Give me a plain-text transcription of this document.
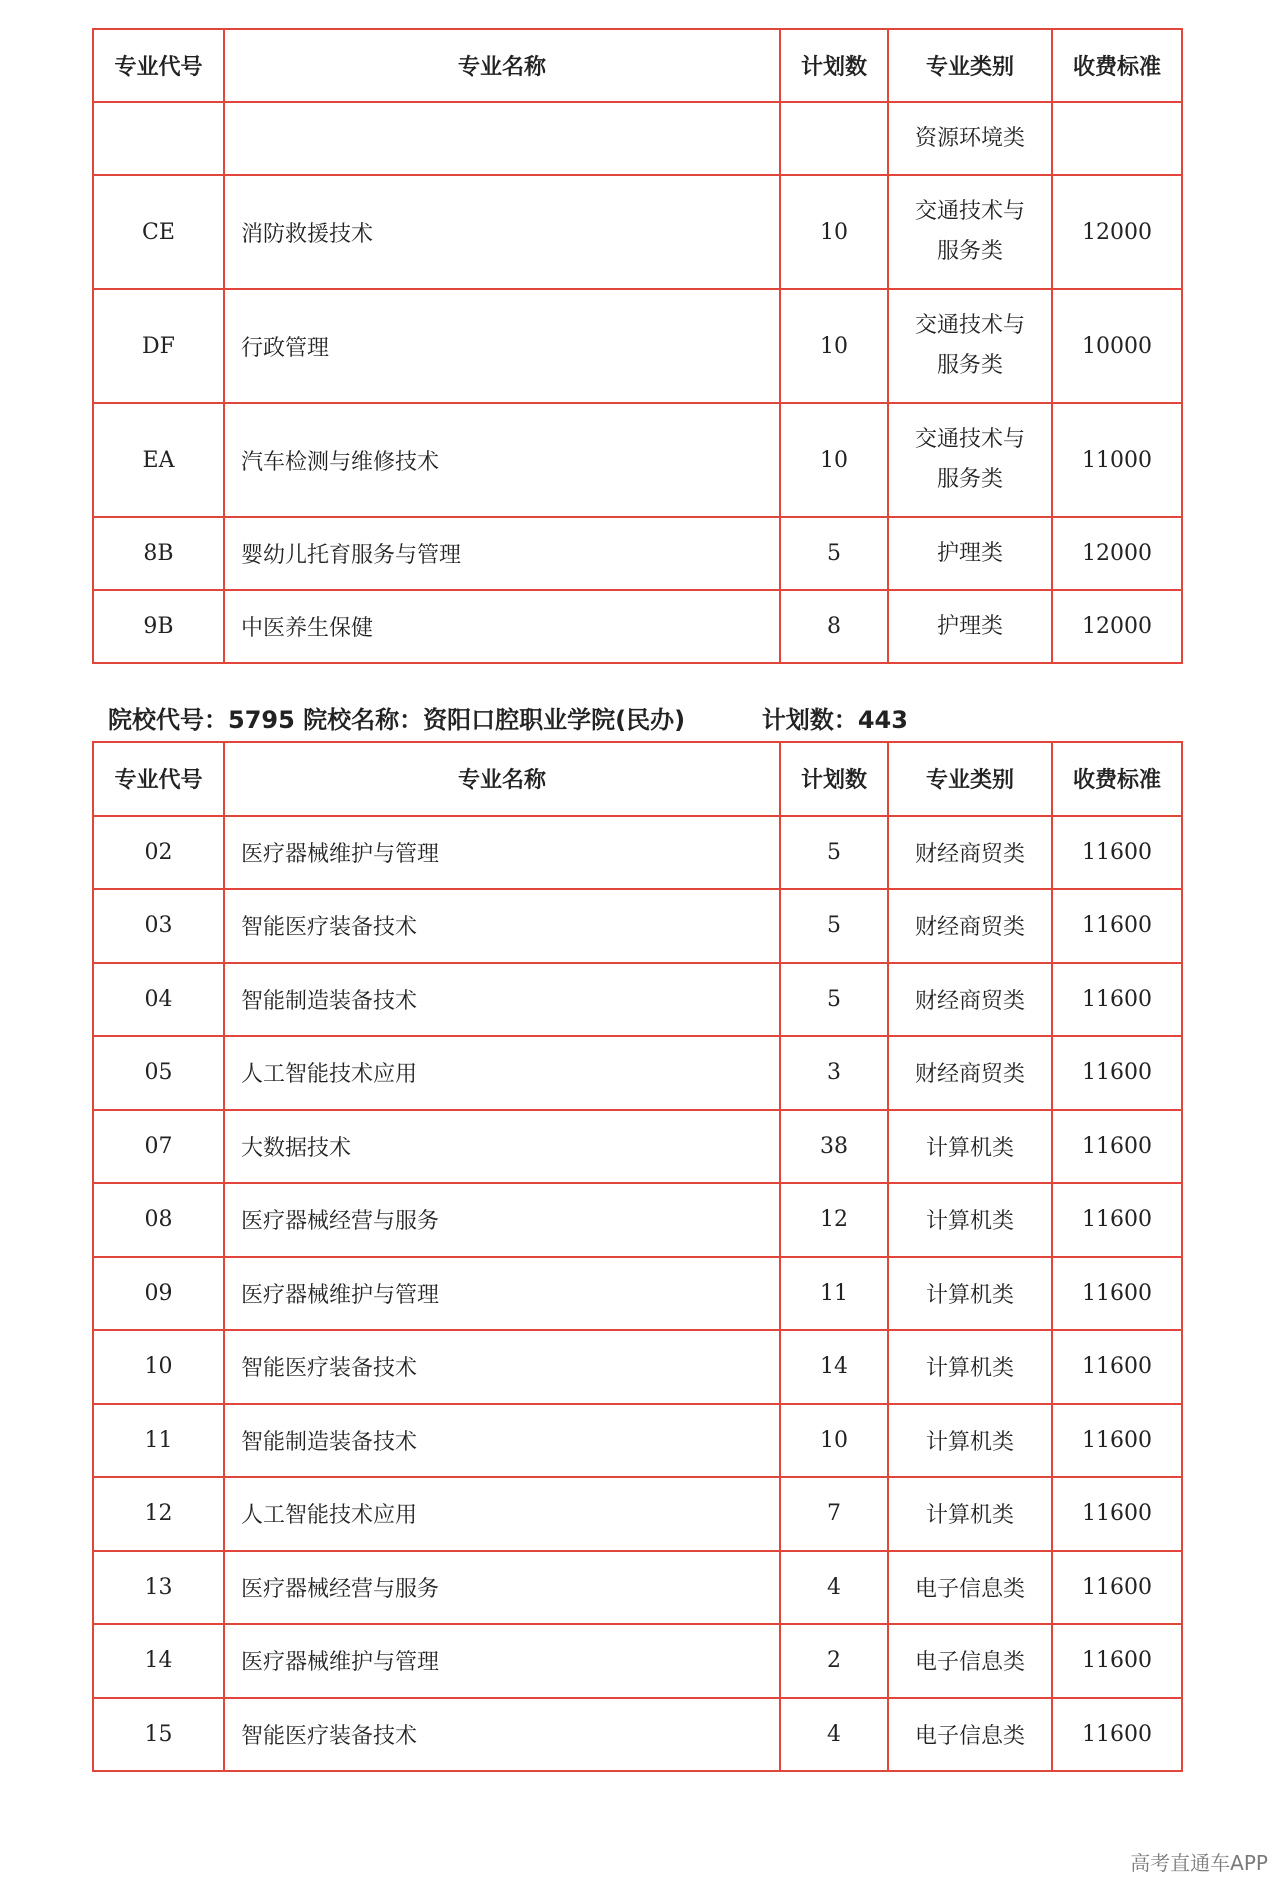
专业代号	专业名称	计划数	专业类别	收费标准
			资源环境类	
CE	消防救援技术	10	交通技术与服务类	12000
DF	行政管理	10	交通技术与服务类	10000
EA	汽车检测与维修技术	10	交通技术与服务类	11000
8B	婴幼儿托育服务与管理	5	护理类	12000
9B	中医养生保健	8	护理类	12000
院校代号：5795 院校名称：资阳口腔职业学院(民办)	计划数：443
专业代号	专业名称	计划数	专业类别	收费标准
02	医疗器械维护与管理	5	财经商贸类	11600
03	智能医疗装备技术	5	财经商贸类	11600
04	智能制造装备技术	5	财经商贸类	11600
05	人工智能技术应用	3	财经商贸类	11600
07	大数据技术	38	计算机类	11600
08	医疗器械经营与服务	12	计算机类	11600
09	医疗器械维护与管理	11	计算机类	11600
10	智能医疗装备技术	14	计算机类	11600
11	智能制造装备技术	10	计算机类	11600
12	人工智能技术应用	7	计算机类	11600
13	医疗器械经营与服务	4	电子信息类	11600
14	医疗器械维护与管理	2	电子信息类	11600
15	智能医疗装备技术	4	电子信息类	11600
高考直通车APP
